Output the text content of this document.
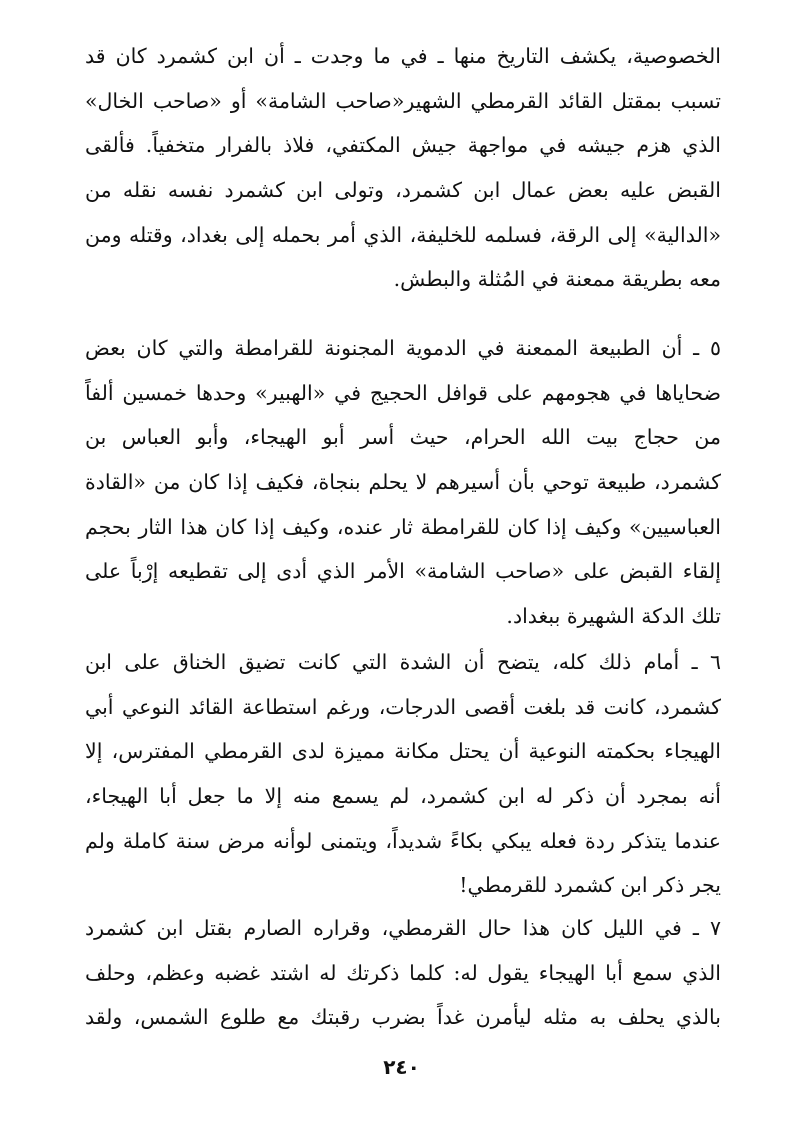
الخصوصية، يكشف التاريخ منها ـ في ما وجدت ـ أن ابن كشمرد كان قد
تسبب بمقتل القائد القرمطي الشهير«صاحب الشامة» أو «صاحب الخال»
الذي هزم جيشه في مواجهة جيش المكتفي، فلاذ بالفرار متخفياً. فألقى
القبض عليه بعض عمال ابن كشمرد، وتولى ابن كشمرد نفسه نقله من
«الدالية» إلى الرقة، فسلمه للخليفة، الذي أمر بحمله إلى بغداد، وقتله ومن
معه بطريقة ممعنة في المُثلة والبطش.
٥ ـ أن الطبيعة الممعنة في الدموية المجنونة للقرامطة والتي كان بعض
ضحاياها في هجومهم على قوافل الحجيج في «الهبير» وحدها خمسين ألفاً
من حجاج بيت الله الحرام، حيث أسر أبو الهيجاء، وأبو العباس بن
كشمرد، طبيعة توحي بأن أسيرهم لا يحلم بنجاة، فكيف إذا كان من «القادة
العباسيين» وكيف إذا كان للقرامطة ثار عنده، وكيف إذا كان هذا الثار بحجم
إلقاء القبض على «صاحب الشامة» الأمر الذي أدى إلى تقطيعه إرْباً على
تلك الدكة الشهيرة ببغداد.
٦ ـ أمام ذلك كله، يتضح أن الشدة التي كانت تضيق الخناق على ابن
كشمرد، كانت قد بلغت أقصى الدرجات، ورغم استطاعة القائد النوعي أبي
الهيجاء بحكمته النوعية أن يحتل مكانة مميزة لدى القرمطي المفترس، إلا
أنه بمجرد أن ذكر له ابن كشمرد، لم يسمع منه إلا ما جعل أبا الهيجاء،
عندما يتذكر ردة فعله يبكي بكاءً شديداً، ويتمنى لوأنه مرض سنة كاملة ولم
يجر ذكر ابن كشمرد للقرمطي!
٧ ـ في الليل كان هذا حال القرمطي، وقراره الصارم بقتل ابن كشمرد
الذي سمع أبا الهيجاء يقول له: كلما ذكرتك له اشتد غضبه وعظم، وحلف
بالذي يحلف به مثله ليأمرن غداً بضرب رقبتك مع طلوع الشمس، ولقد
٢٤٠
